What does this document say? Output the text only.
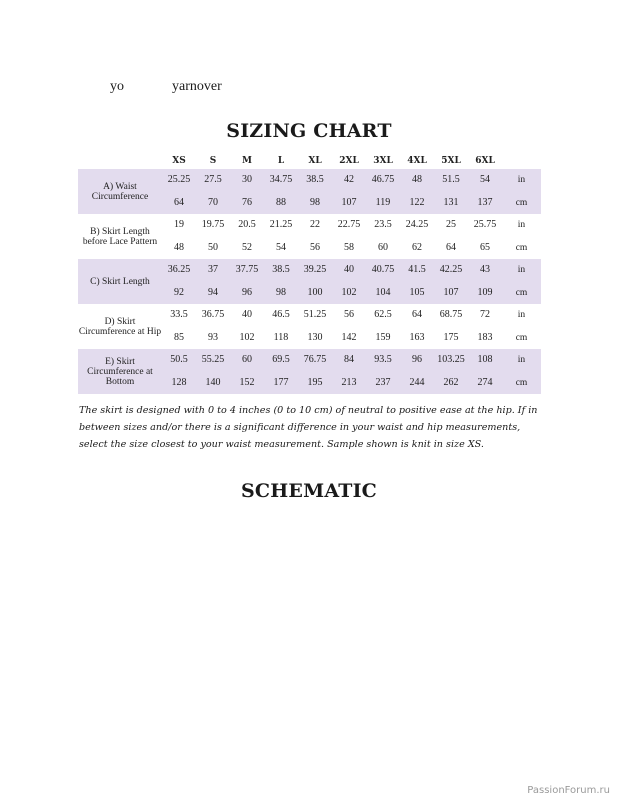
yo	yarnover
SIZING CHART
	XS	S	M	L	XL	2XL	3XL	4XL	5XL	6XL	
A) Waist Circumference	25.25	27.5	30	34.75	38.5	42	46.75	48	51.5	54	in
	64	70	76	88	98	107	119	122	131	137	cm
B) Skirt Length before Lace Pattern	19	19.75	20.5	21.25	22	22.75	23.5	24.25	25	25.75	in
	48	50	52	54	56	58	60	62	64	65	cm
C) Skirt Length	36.25	37	37.75	38.5	39.25	40	40.75	41.5	42.25	43	in
	92	94	96	98	100	102	104	105	107	109	cm
D) Skirt Circumference at Hip	33.5	36.75	40	46.5	51.25	56	62.5	64	68.75	72	in
	85	93	102	118	130	142	159	163	175	183	cm
E) Skirt Circumference at Bottom	50.5	55.25	60	69.5	76.75	84	93.5	96	103.25	108	in
	128	140	152	177	195	213	237	244	262	274	cm
The skirt is designed with 0 to 4 inches (0 to 10 cm) of neutral to positive ease at the hip. If in between sizes and/or there is a significant difference in your waist and hip measurements, select the size closest to your waist measurement. Sample shown is knit in size XS.
SCHEMATIC
PassionForum.ru
